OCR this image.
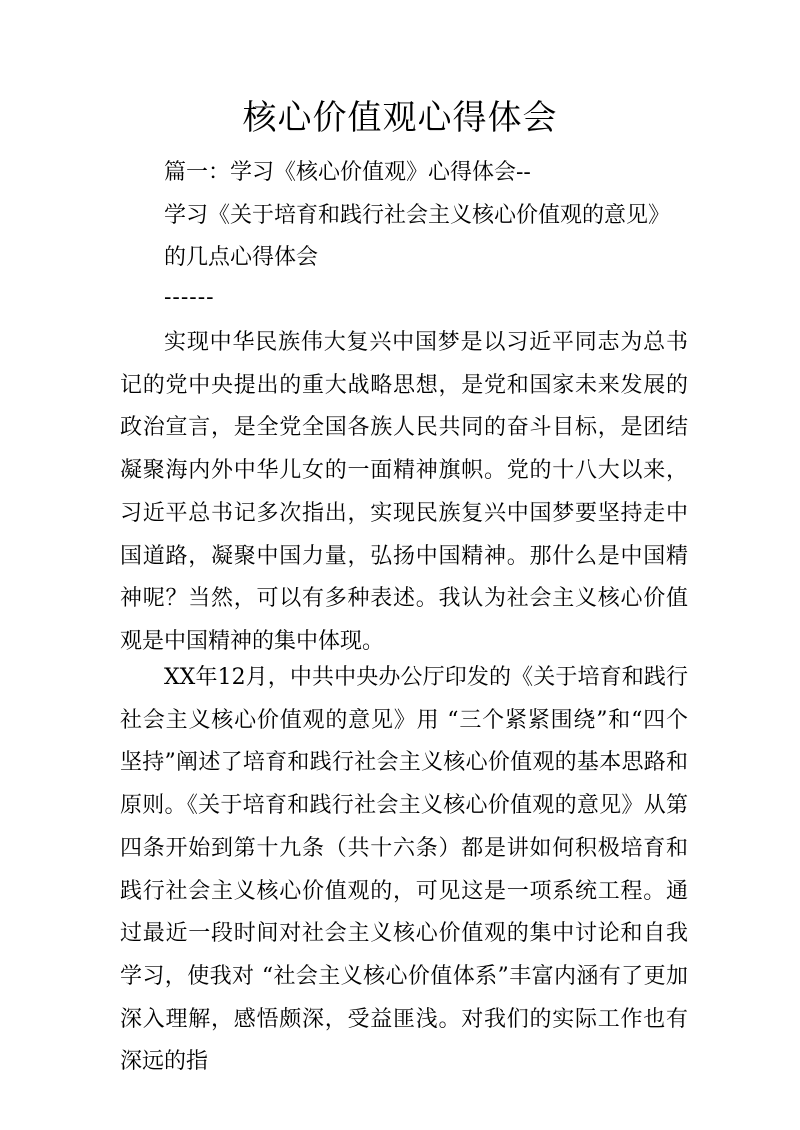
核心价值观心得体会
篇一：学习《核心价值观》心得体会--
学习《关于培育和践行社会主义核心价值观的意见》
的几点心得体会
------

实现中华民族伟大复兴中国梦是以习近平同志为总书记的党中央提出的重大战略思想，是党和国家未来发展的政治宣言，是全党全国各族人民共同的奋斗目标，是团结凝聚海内外中华儿女的一面精神旗帜。党的十八大以来，习近平总书记多次指出，实现民族复兴中国梦要坚持走中国道路，凝聚中国力量，弘扬中国精神。那什么是中国精神呢？当然，可以有多种表述。我认为社会主义核心价值观是中国精神的集中体现。

XX年12月，中共中央办公厅印发的《关于培育和践行社会主义核心价值观的意见》用 “三个紧紧围绕”和“四个坚持”阐述了培育和践行社会主义核心价值观的基本思路和原则。《关于培育和践行社会主义核心价值观的意见》从第四条开始到第十九条（共十六条）都是讲如何积极培育和践行社会主义核心价值观的，可见这是一项系统工程。通过最近一段时间对社会主义核心价值观的集中讨论和自我学习，使我对 “社会主义核心价值体系”丰富内涵有了更加深入理解，感悟颇深，受益匪浅。对我们的实际工作也有深远的指
